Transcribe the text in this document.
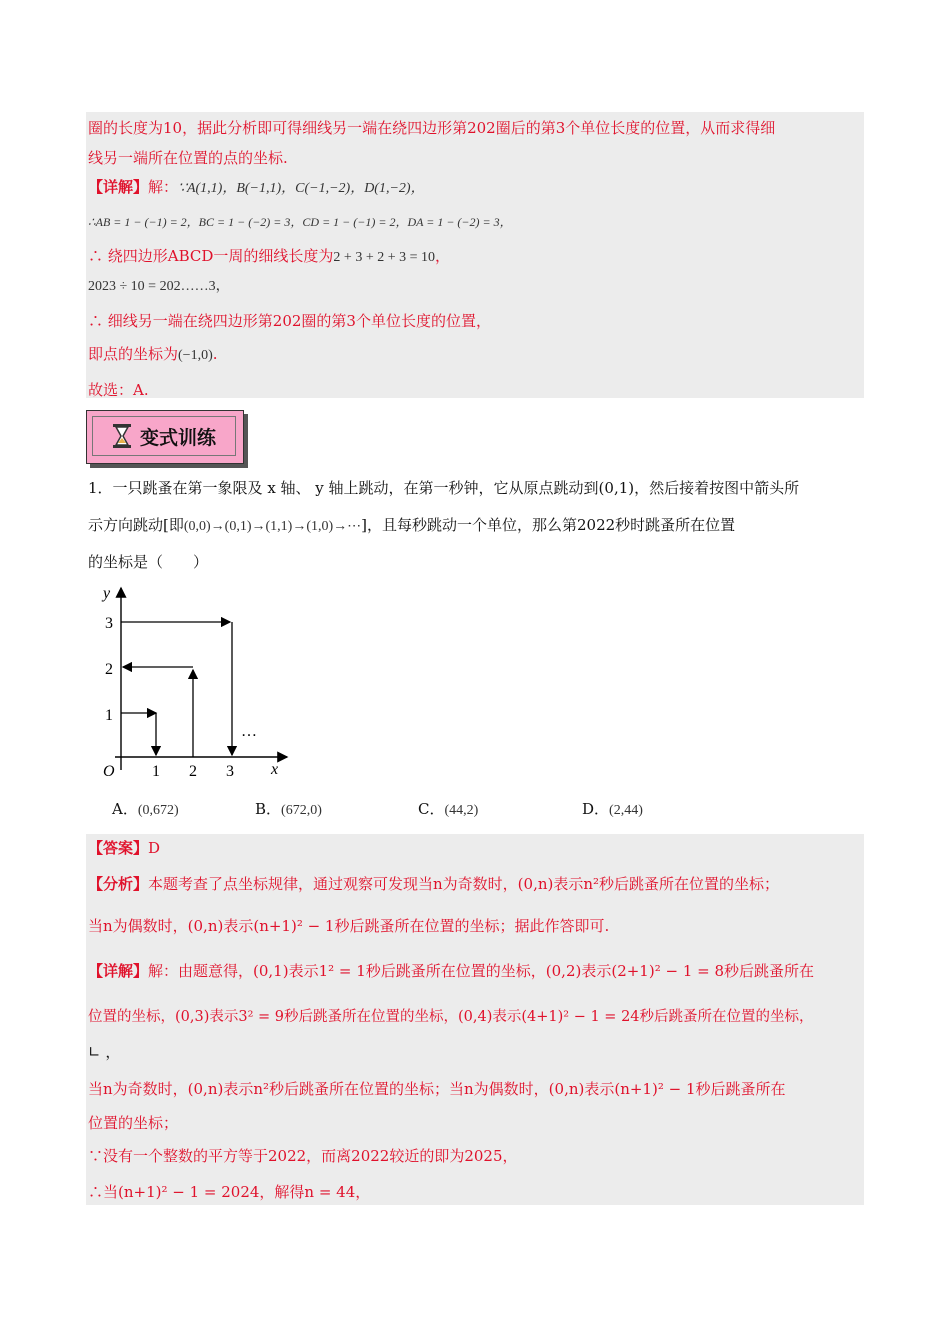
圈的长度为10，据此分析即可得细线另一端在绕四边形第202圈后的第3个单位长度的位置，从而求得细
线另一端所在位置的点的坐标.
【详解】解：∵A(1,1)，B(−1,1)，C(−1,−2)，D(1,−2)，
∴AB = 1 − (−1) = 2，BC = 1 − (−2) = 3，CD = 1 − (−1) = 2，DA = 1 − (−2) = 3，
∴ 绕四边形ABCD一周的细线长度为2 + 3 + 2 + 3 = 10，
2023 ÷ 10 = 202……3，
∴ 细线另一端在绕四边形第202圈的第3个单位长度的位置，
即点的坐标为(−1,0).
故选：A.
变式训练
1．一只跳蚤在第一象限及 x 轴、 y 轴上跳动，在第一秒钟，它从原点跳动到(0,1)，然后接着按图中箭头所
示方向跳动[即(0,0)→(0,1)→(1,1)→(1,0)→⋯]，且每秒跳动一个单位，那么第2022秒时跳蚤所在位置
的坐标是（　　）
y
x
O 1 2 3
1
2
3
…
A．(0,672)	B．(672,0)	C．(44,2)	D．(2,44)
【答案】D
【分析】本题考查了点坐标规律，通过观察可发现当n为奇数时，(0,n)表示n²秒后跳蚤所在位置的坐标；
当n为偶数时，(0,n)表示(n+1)² − 1秒后跳蚤所在位置的坐标；据此作答即可.
【详解】解：由题意得，(0,1)表示1² = 1秒后跳蚤所在位置的坐标，(0,2)表示(2+1)² − 1 = 8秒后跳蚤所在
位置的坐标，(0,3)表示3² = 9秒后跳蚤所在位置的坐标，(0,4)表示(4+1)² − 1 = 24秒后跳蚤所在位置的坐标，
∟ ，
当n为奇数时，(0,n)表示n²秒后跳蚤所在位置的坐标；当n为偶数时，(0,n)表示(n+1)² − 1秒后跳蚤所在
位置的坐标；
∵没有一个整数的平方等于2022，而离2022较近的即为2025，
∴当(n+1)² − 1 = 2024，解得n = 44，
